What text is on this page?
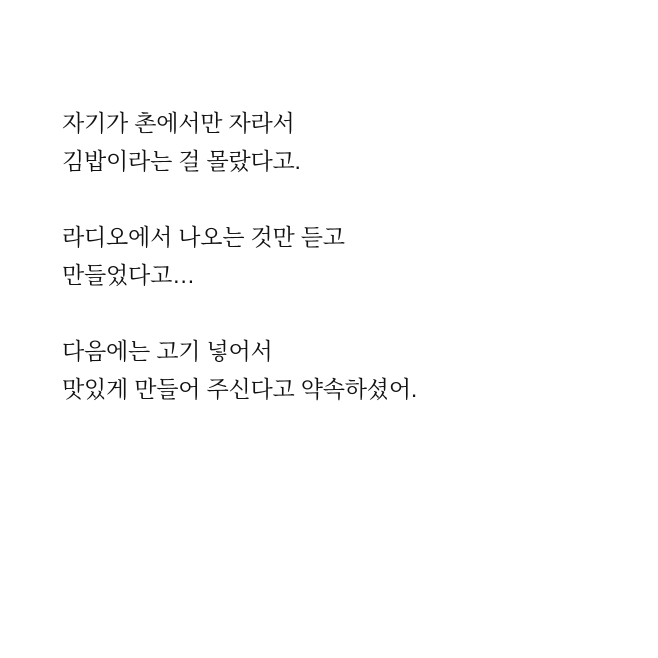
자기가 촌에서만 자라서
김밥이라는 걸 몰랐다고.
라디오에서 나오는 것만 듣고
만들었다고…
다음에는 고기 넣어서
맛있게 만들어 주신다고 약속하셨어.
